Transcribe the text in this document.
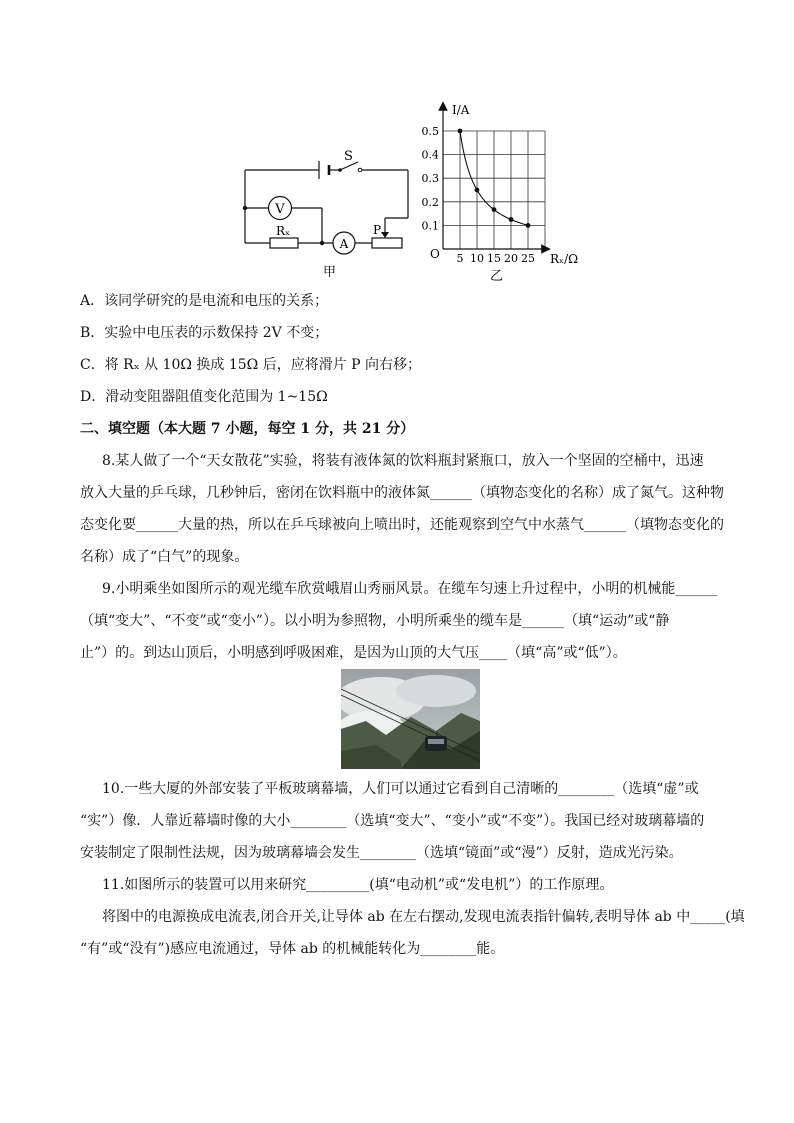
S
V
A
Rₓ	P
甲
0.5
0.4
0.3
0.2
0.1
5 10 15 20 25
I/A
Rₓ/Ω
O
乙
A．该同学研究的是电流和电压的关系；
B．实验中电压表的示数保持 2V 不变；
C．将 Rₓ 从 10Ω 换成 15Ω 后，应将滑片 P 向右移；
D．滑动变阻器阻值变化范围为 1~15Ω
二、填空题（本大题 7 小题，每空 1 分，共 21 分）
8.某人做了一个“天女散花”实验，将装有液体氮的饮料瓶封紧瓶口，放入一个坚固的空桶中，迅速
放入大量的乒乓球，几秒钟后，密闭在饮料瓶中的液体氮______（填物态变化的名称）成了氮气。这种物
态变化要______大量的热，所以在乒乓球被向上喷出时，还能观察到空气中水蒸气______（填物态变化的
名称）成了“白气”的现象。
9.小明乘坐如图所示的观光缆车欣赏峨眉山秀丽风景。在缆车匀速上升过程中，小明的机械能______
（填“变大”、“不变”或“变小”）。以小明为参照物，小明所乘坐的缆车是______（填“运动”或“静
止”）的。到达山顶后，小明感到呼吸困难，是因为山顶的大气压____（填“高”或“低”）。
10.一些大厦的外部安装了平板玻璃幕墙，人们可以通过它看到自己清晰的________（选填“虚”或
“实”）像．人靠近幕墙时像的大小________（选填“变大”、“变小”或“不变”）。我国已经对玻璃幕墙的
安装制定了限制性法规，因为玻璃幕墙会发生________（选填“镜面”或“漫”）反射，造成光污染。
11.如图所示的装置可以用来研究_________(填“电动机”或“发电机”）的工作原理。
将图中的电源换成电流表,闭合开关,让导体 ab 在左右摆动,发现电流表指针偏转,表明导体 ab 中_____(填
“有”或“没有”)感应电流通过，导体 ab 的机械能转化为________能。
